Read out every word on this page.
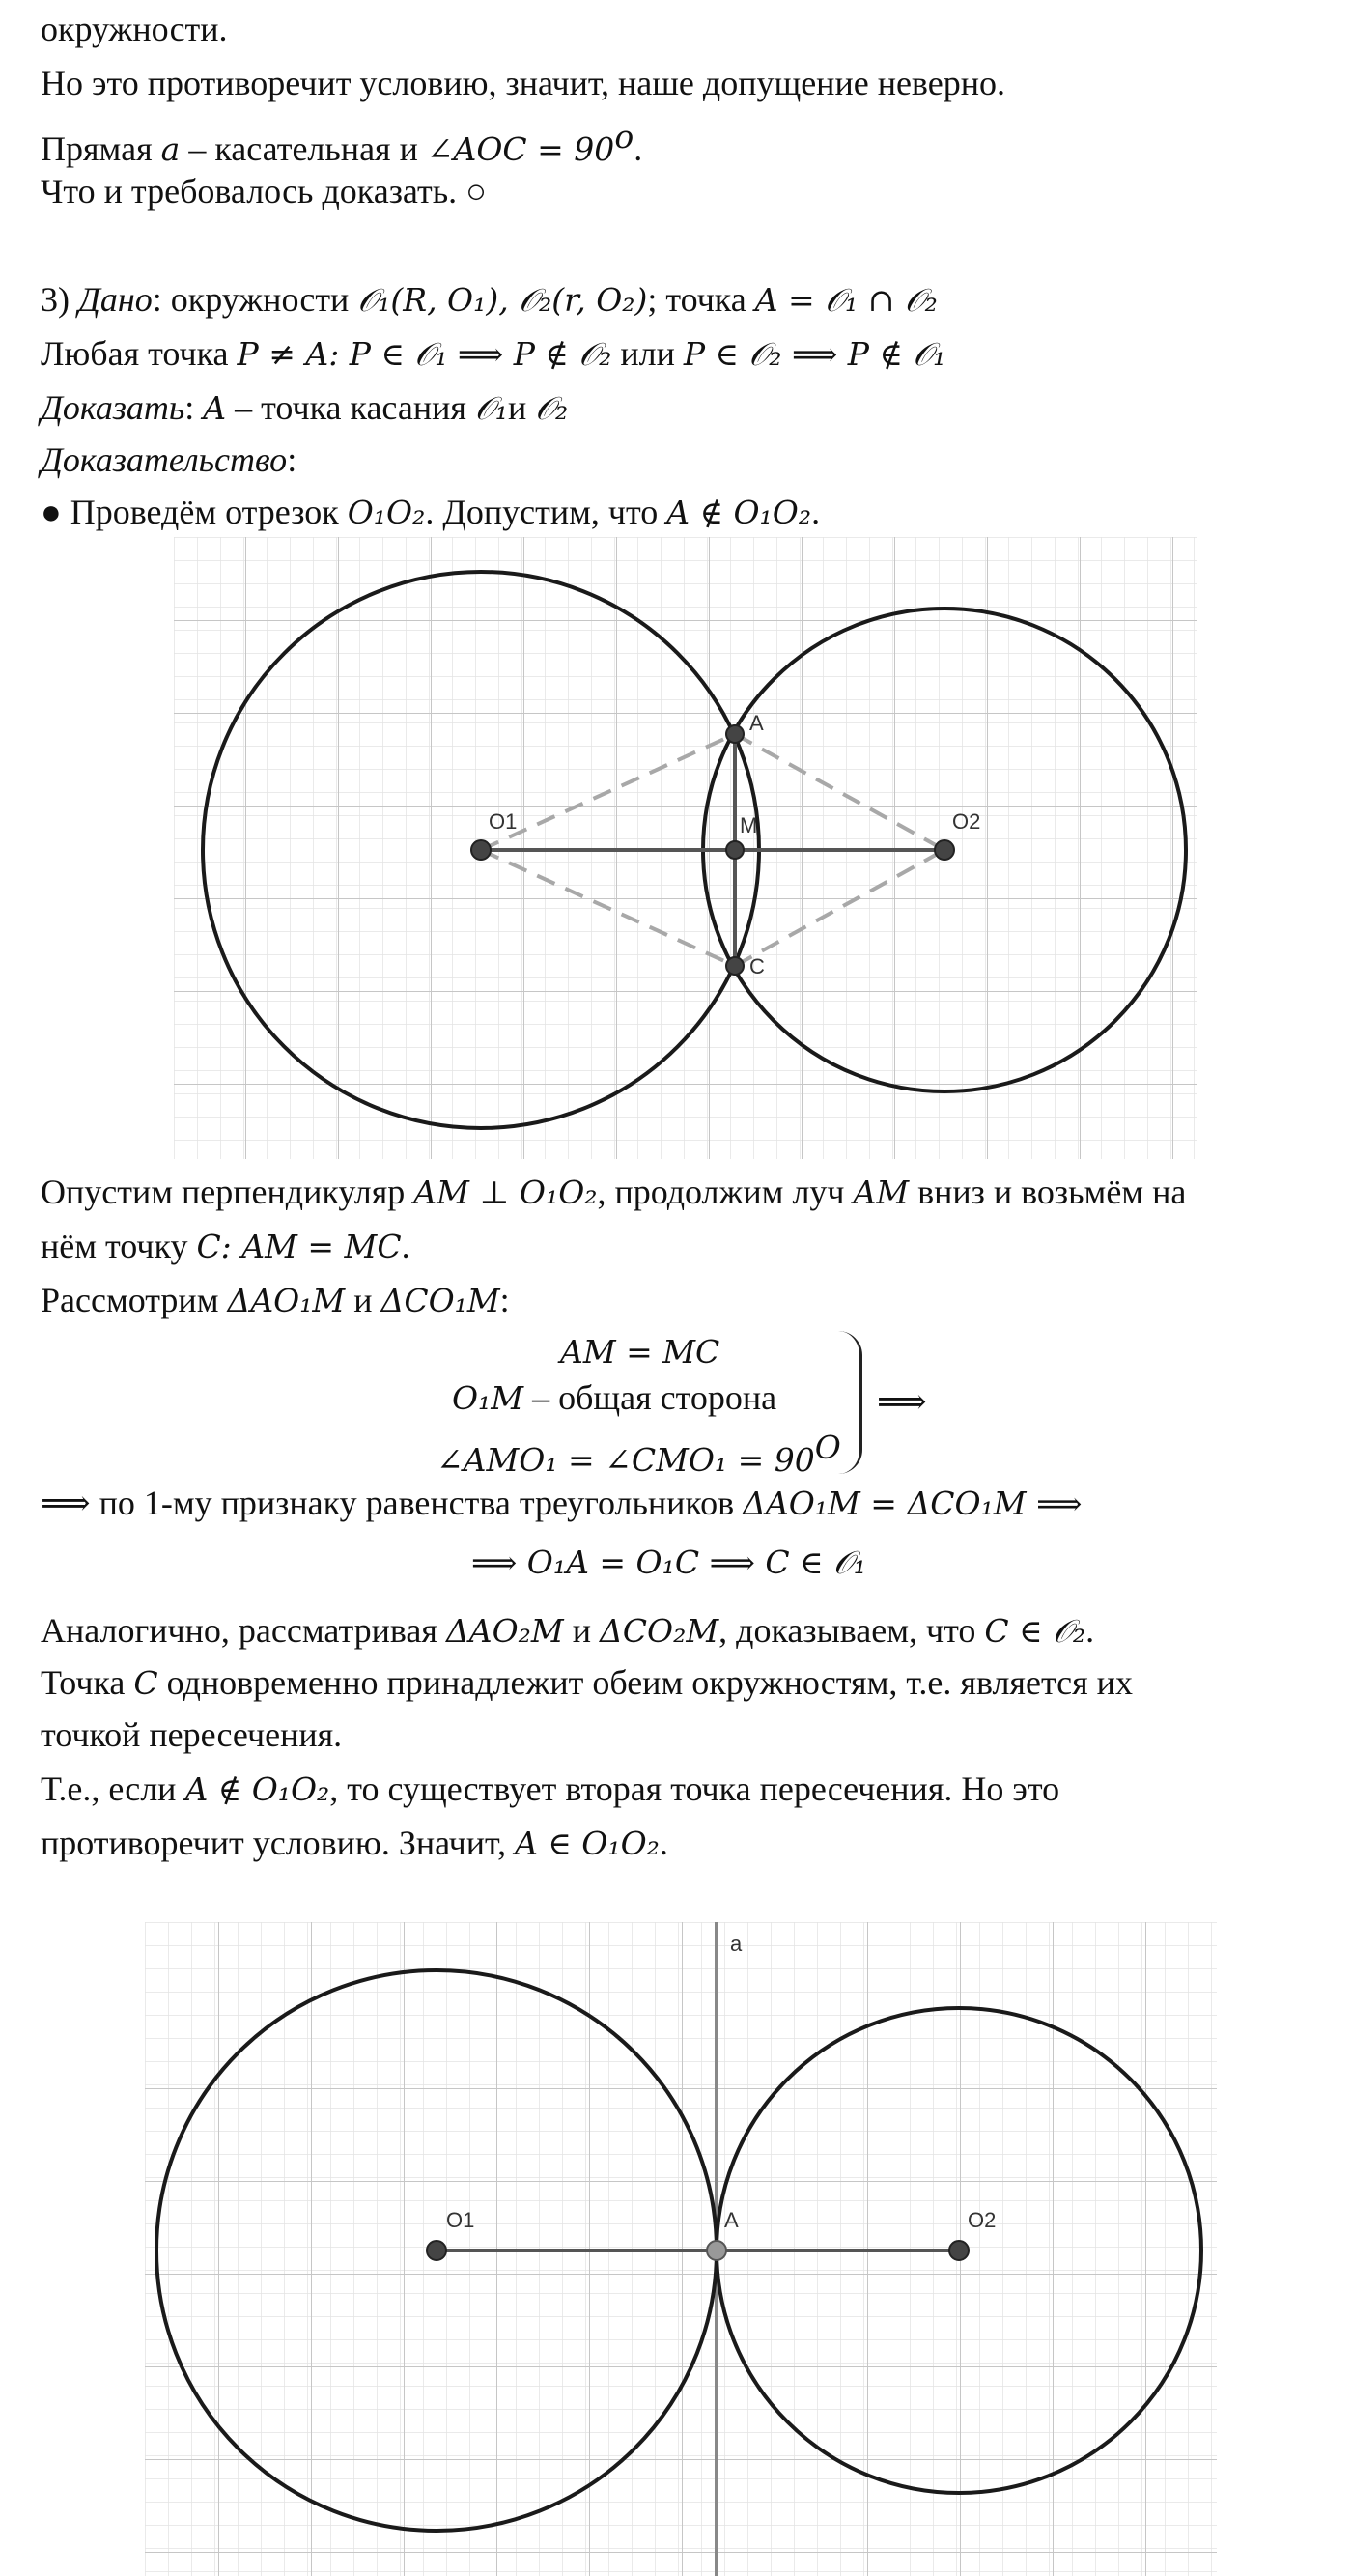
окружности.
Но это противоречит условию, значит, наше допущение неверно.
Прямая a – касательная и ∠AOC = $90^o$.
Что и требовалось доказать. ○
3) Дано: окружности 𝒪₁(R, O₁), 𝒪₂(r, O₂); точка A = 𝒪₁ ∩ 𝒪₂
Любая точка P ≠ A: P ∈ 𝒪₁ ⟹ P ∉ 𝒪₂ или P ∈ 𝒪₂ ⟹ P ∉ 𝒪₁
Доказать: A – точка касания 𝒪₁и 𝒪₂
Доказательство:
● Проведём отрезок O₁O₂. Допустим, что A ∉ O₁O₂.
A
M
C
O1	O2
Опустим перпендикуляр AM ⊥ O₁O₂, продолжим луч AM вниз и возьмём на
нём точку C: AM = MC.
Рассмотрим ΔAO₁M и ΔCO₁M:
AM = MC
O₁M – общая сторона
∠AMO₁ = ∠CMO₁ = $90^O$
⟹
⟹ по 1-му признаку равенства треугольников ΔAO₁M = ΔCO₁M ⟹
⟹ O₁A = O₁C ⟹ C ∈ 𝒪₁
Аналогично, рассматривая ΔAO₂M и ΔCO₂M, доказываем, что C ∈ 𝒪₂.
Точка C одновременно принадлежит обеим окружностям, т.е. является их
точкой пересечения.
Т.е., если A ∉ O₁O₂, то существует вторая точка пересечения. Но это
противоречит условию. Значит, A ∈ O₁O₂.
a
O1	A	O2
